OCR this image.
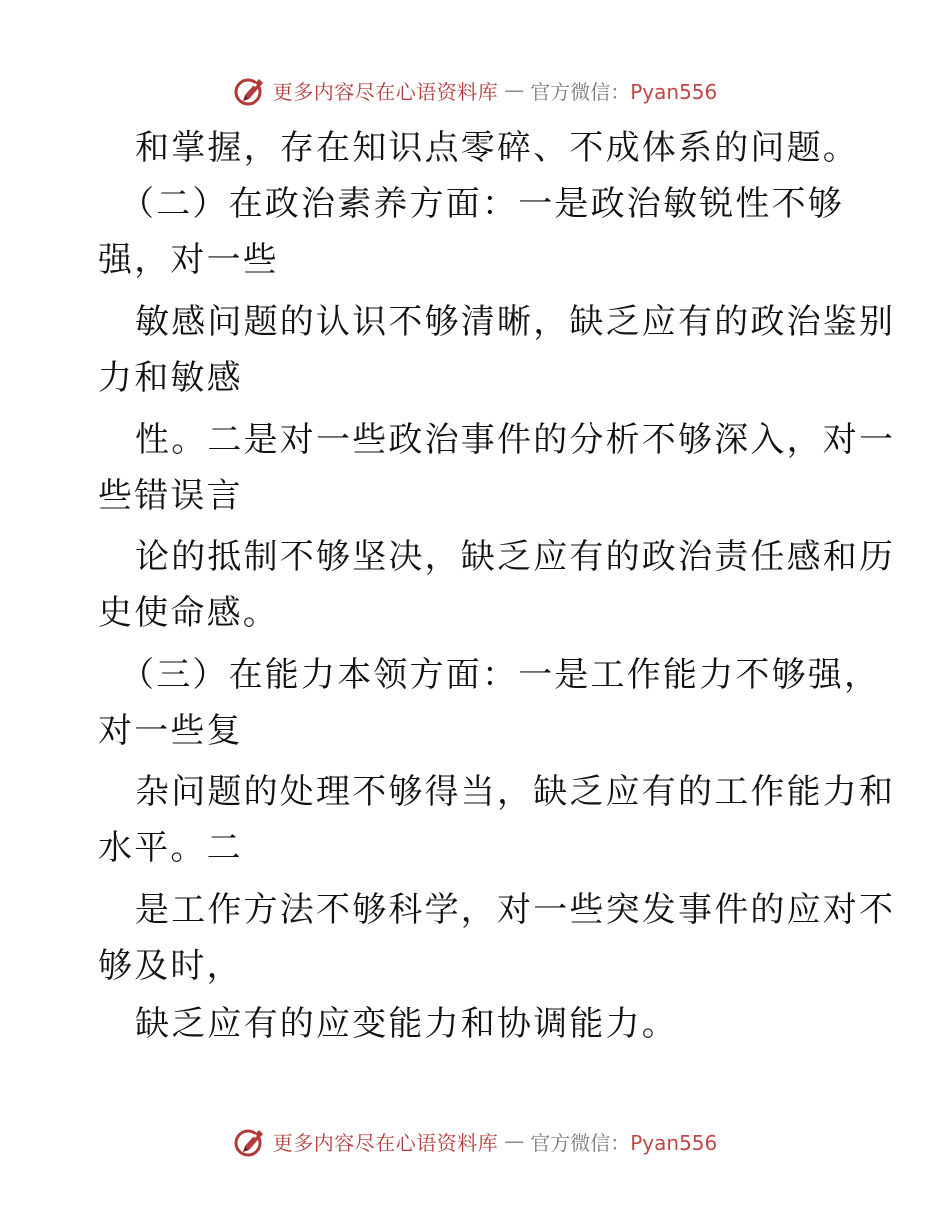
更多内容尽在心语资料库 — 官方微信：Pyan556
和掌握，存在知识点零碎、不成体系的问题。
（二）在政治素养方面：一是政治敏锐性不够
强，对一些
敏感问题的认识不够清晰，缺乏应有的政治鉴别
力和敏感
性。二是对一些政治事件的分析不够深入，对一
些错误言
论的抵制不够坚决，缺乏应有的政治责任感和历
史使命感。
（三）在能力本领方面：一是工作能力不够强，
对一些复
杂问题的处理不够得当，缺乏应有的工作能力和
水平。二
是工作方法不够科学，对一些突发事件的应对不
够及时，
缺乏应有的应变能力和协调能力。
更多内容尽在心语资料库 — 官方微信：Pyan556
